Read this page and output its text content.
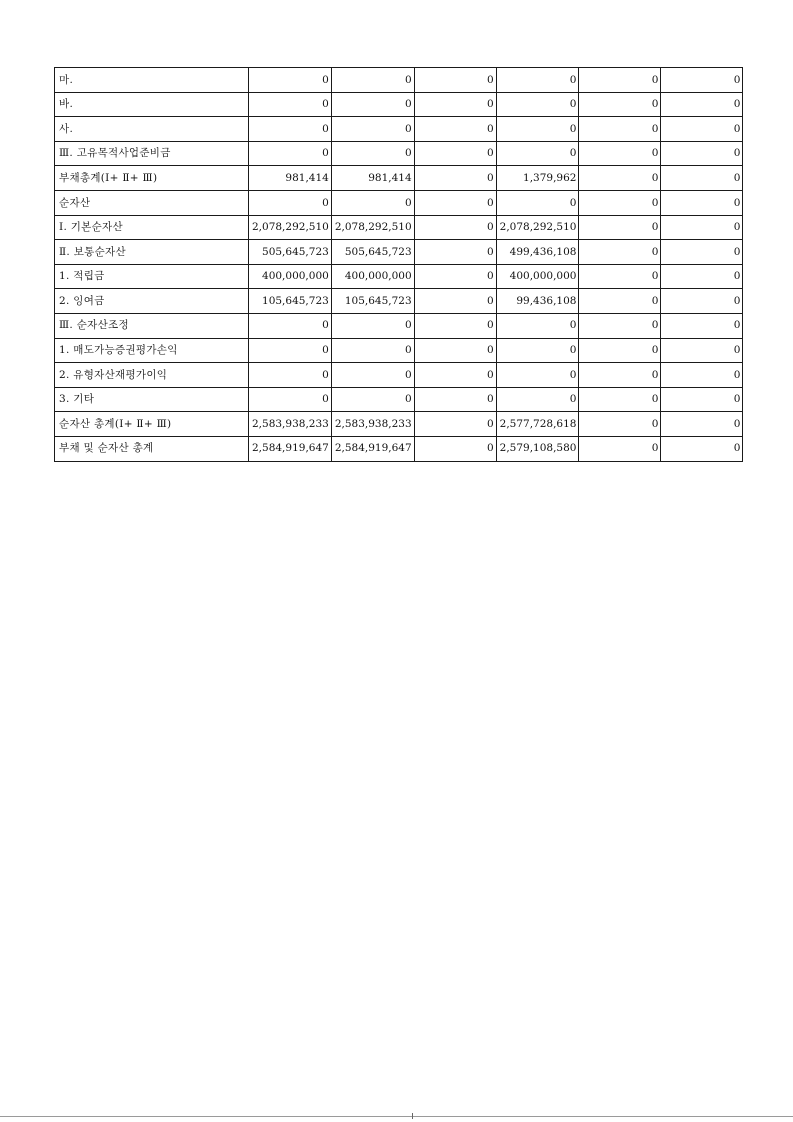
마.	0	0	0	0	0	0
바.	0	0	0	0	0	0
사.	0	0	0	0	0	0
Ⅲ. 고유목적사업준비금	0	0	0	0	0	0
부채총계(Ⅰ+ Ⅱ+ Ⅲ)	981,414	981,414	0	1,379,962	0	0
순자산	0	0	0	0	0	0
Ⅰ. 기본순자산	2,078,292,510	2,078,292,510	0	2,078,292,510	0	0
Ⅱ. 보통순자산	505,645,723	505,645,723	0	499,436,108	0	0
1. 적립금	400,000,000	400,000,000	0	400,000,000	0	0
2. 잉여금	105,645,723	105,645,723	0	99,436,108	0	0
Ⅲ. 순자산조정	0	0	0	0	0	0
1. 매도가능증권평가손익	0	0	0	0	0	0
2. 유형자산재평가이익	0	0	0	0	0	0
3. 기타	0	0	0	0	0	0
순자산 총계(Ⅰ+ Ⅱ+ Ⅲ)	2,583,938,233	2,583,938,233	0	2,577,728,618	0	0
부채 및 순자산 총계	2,584,919,647	2,584,919,647	0	2,579,108,580	0	0
